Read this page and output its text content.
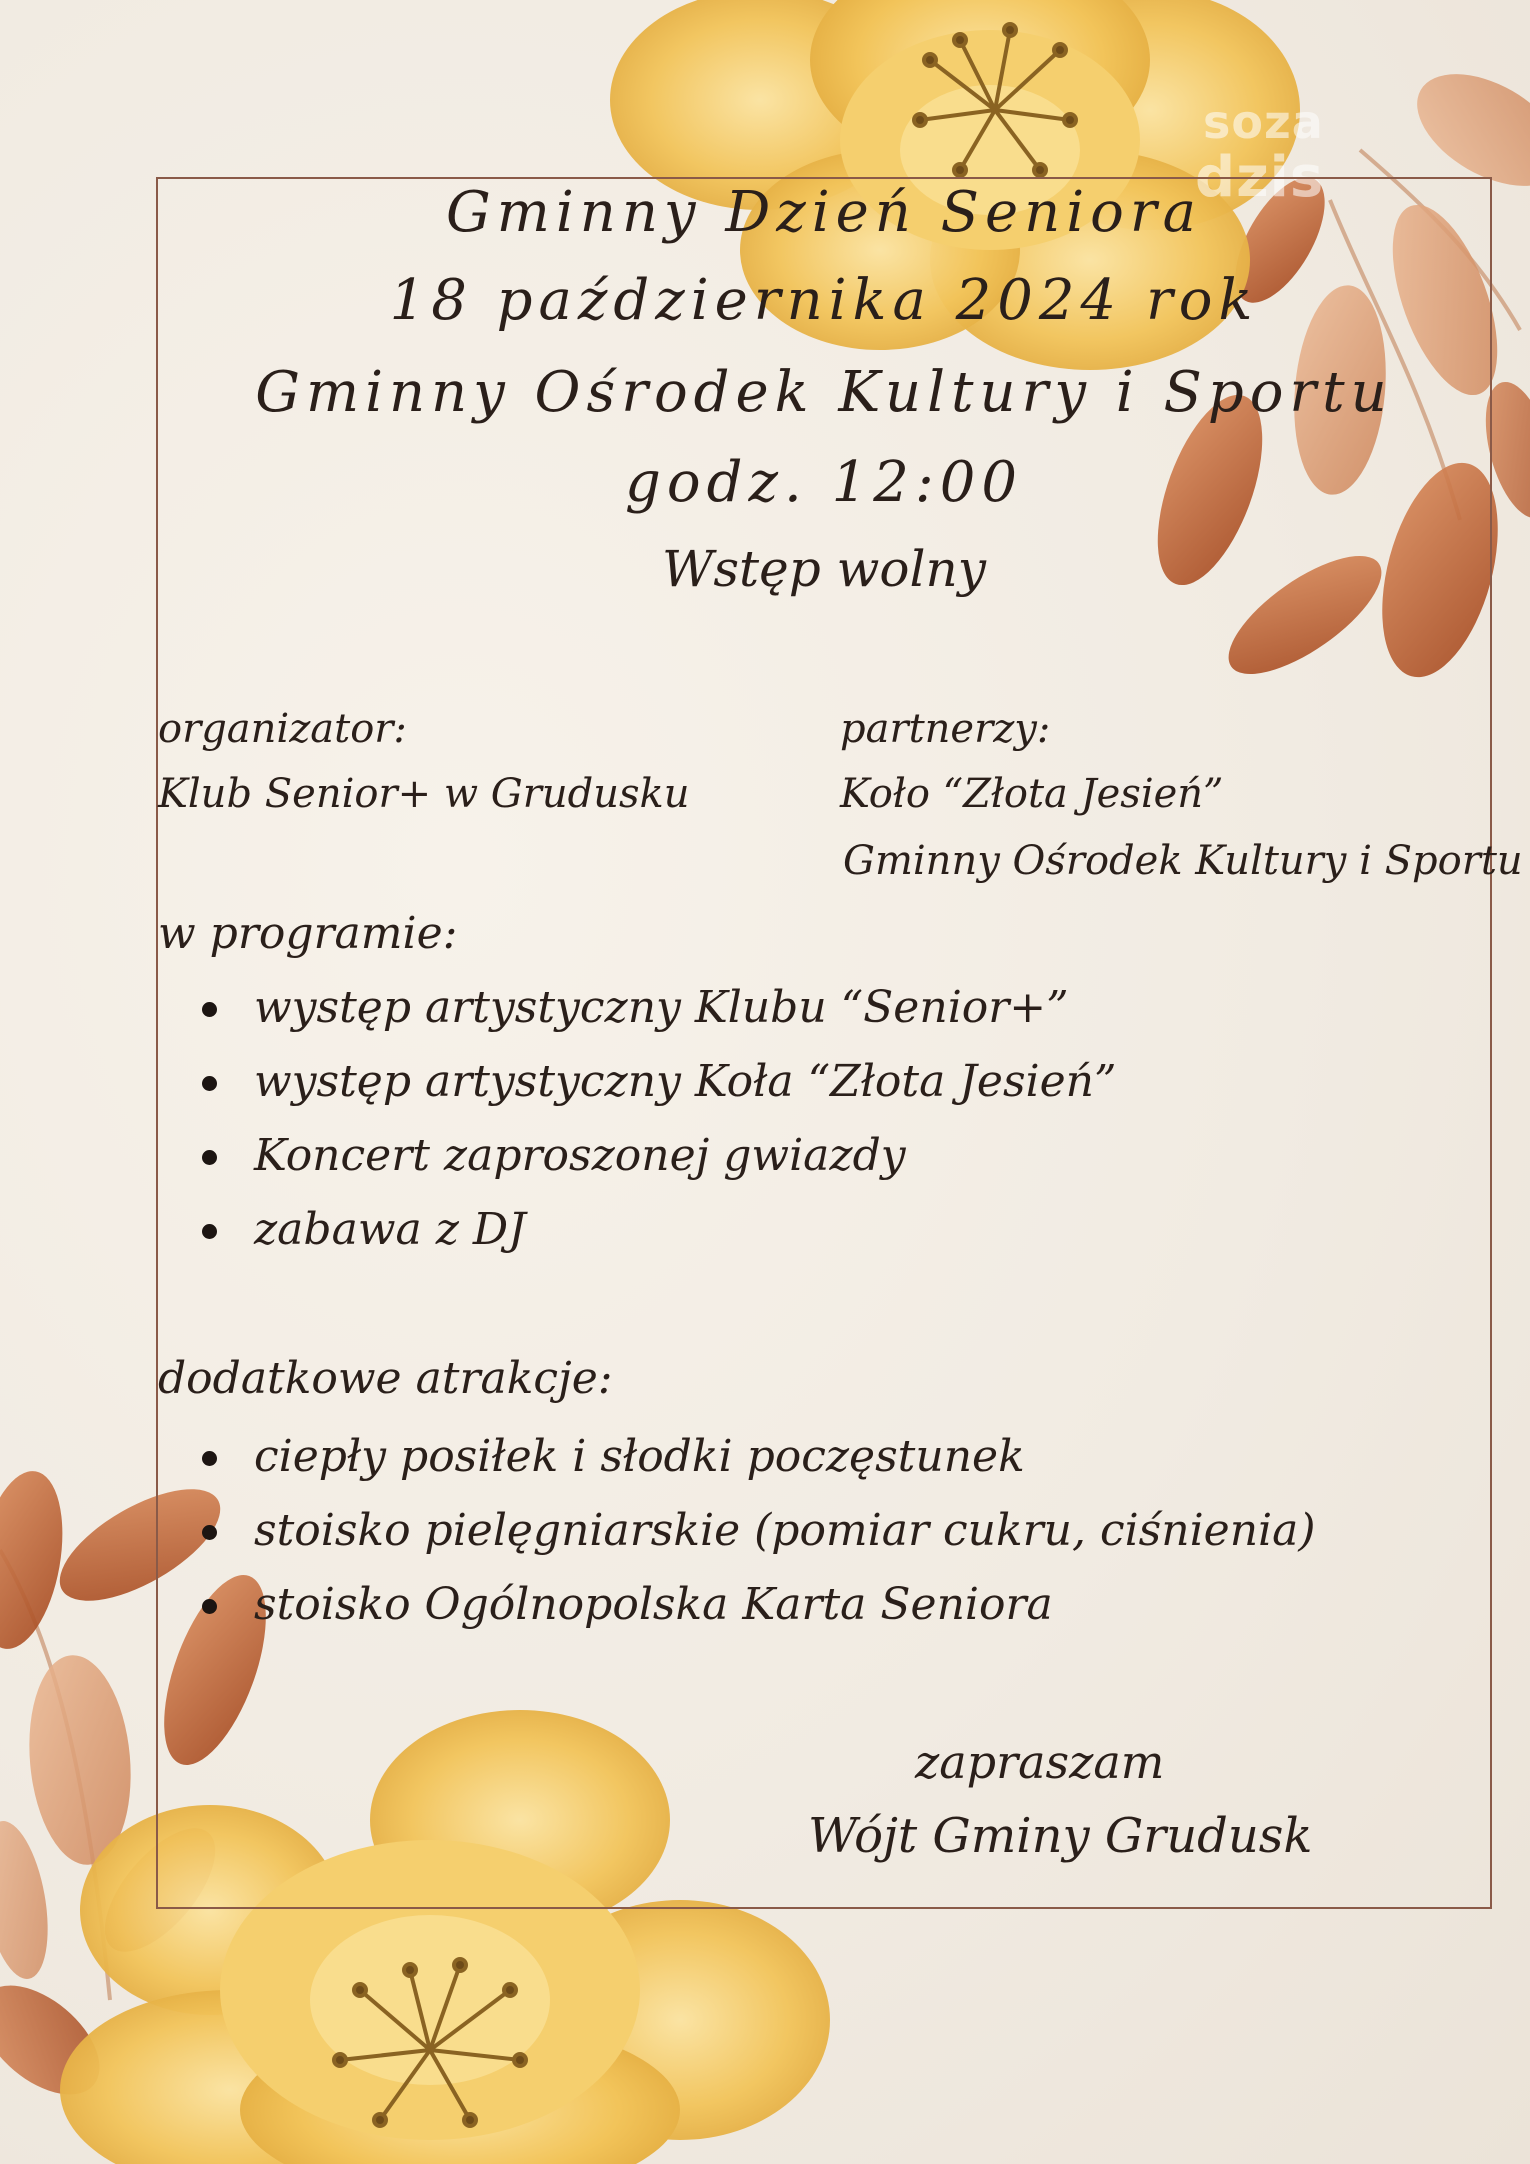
soza
dzis
Gminny Dzień Seniora
18 października 2024 rok
Gminny Ośrodek Kultury i Sportu
godz. 12:00
Wstęp wolny
organizator:
Klub Senior+ w Grudusku
partnerzy:
Koło “Złota Jesień”
Gminny Ośrodek Kultury i Sportu
w programie:
występ artystyczny Klubu “Senior+”
występ artystyczny Koła “Złota Jesień”
Koncert zaproszonej gwiazdy
zabawa z DJ
dodatkowe atrakcje:
ciepły posiłek i słodki poczęstunek
stoisko pielęgniarskie (pomiar cukru, ciśnienia)
stoisko Ogólnopolska Karta Seniora
zapraszam
Wójt Gminy Grudusk
